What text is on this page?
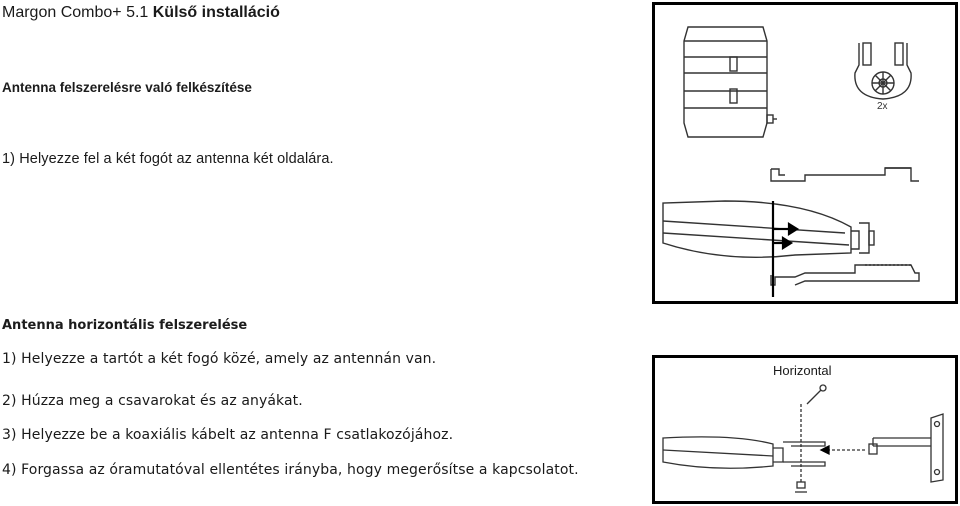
Margon Combo+ 5.1 Külső installáció
Antenna felszerelésre való felkészítése
1) Helyezze fel a két fogót az antenna két oldalára.
Antenna horizontális felszerelése
1) Helyezze a tartót a két fogó közé, amely az antennán van.
2) Húzza meg a csavarokat és az anyákat.
3) Helyezze be a koaxiális kábelt az antenna F csatlakozójához.
4) Forgassa az óramutatóval ellentétes irányba, hogy megerősítse a kapcsolatot.
2x
Horizontal
